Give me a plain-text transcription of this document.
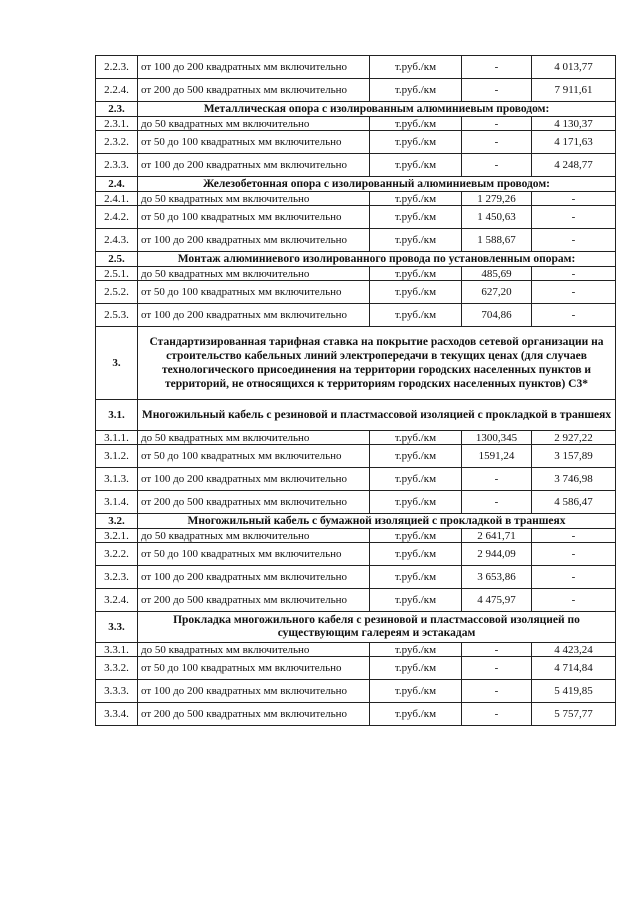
2.2.3.	от 100 до 200 квадратных мм включительно	т.руб./км	-	4 013,77
2.2.4.	от 200 до 500 квадратных мм включительно	т.руб./км	-	7 911,61
2.3.	Металлическая опора с изолированным алюминиевым проводом:			
2.3.1.	до 50 квадратных мм включительно	т.руб./км	-	4 130,37
2.3.2.	от 50 до 100 квадратных мм включительно	т.руб./км	-	4 171,63
2.3.3.	от 100 до 200 квадратных мм включительно	т.руб./км	-	4 248,77
2.4.	Железобетонная опора с изолированный алюминиевым проводом:			
2.4.1.	до 50 квадратных мм включительно	т.руб./км	1 279,26	-
2.4.2.	от 50 до 100 квадратных мм включительно	т.руб./км	1 450,63	-
2.4.3.	от 100 до 200 квадратных мм включительно	т.руб./км	1 588,67	-
2.5.	Монтаж алюминиевого изолированного провода по установленным опорам:			
2.5.1.	до 50 квадратных мм включительно	т.руб./км	485,69	-
2.5.2.	от 50 до 100 квадратных мм включительно	т.руб./км	627,20	-
2.5.3.	от 100 до 200 квадратных мм включительно	т.руб./км	704,86	-
3.	Стандартизированная тарифная ставка на покрытие расходов сетевой организации на строительство кабельных линий электропередачи в текущих ценах (для случаев технологического присоединения на территории городских населенных пунктов и территорий, не относящихся к территориям городских населенных пунктов) С3*			
3.1.	Многожильный кабель с резиновой и пластмассовой изоляцией с прокладкой в траншеях			
3.1.1.	до 50 квадратных мм включительно	т.руб./км	1300,345	2 927,22
3.1.2.	от 50 до 100 квадратных мм включительно	т.руб./км	1591,24	3 157,89
3.1.3.	от 100 до 200 квадратных мм включительно	т.руб./км	-	3 746,98
3.1.4.	от 200 до 500 квадратных мм включительно	т.руб./км	-	4 586,47
3.2.	Многожильный кабель с бумажной изоляцией с прокладкой в траншеях			
3.2.1.	до 50 квадратных мм включительно	т.руб./км	2 641,71	-
3.2.2.	от 50 до 100 квадратных мм включительно	т.руб./км	2 944,09	-
3.2.3.	от 100 до 200 квадратных мм включительно	т.руб./км	3 653,86	-
3.2.4.	от 200 до 500 квадратных мм включительно	т.руб./км	4 475,97	-
3.3.	Прокладка многожильного кабеля с резиновой и пластмассовой изоляцией по существующим галереям и эстакадам			
3.3.1.	до 50 квадратных мм включительно	т.руб./км	-	4 423,24
3.3.2.	от 50 до 100 квадратных мм включительно	т.руб./км	-	4 714,84
3.3.3.	от 100 до 200 квадратных мм включительно	т.руб./км	-	5 419,85
3.3.4.	от 200 до 500 квадратных мм включительно	т.руб./км	-	5 757,77
